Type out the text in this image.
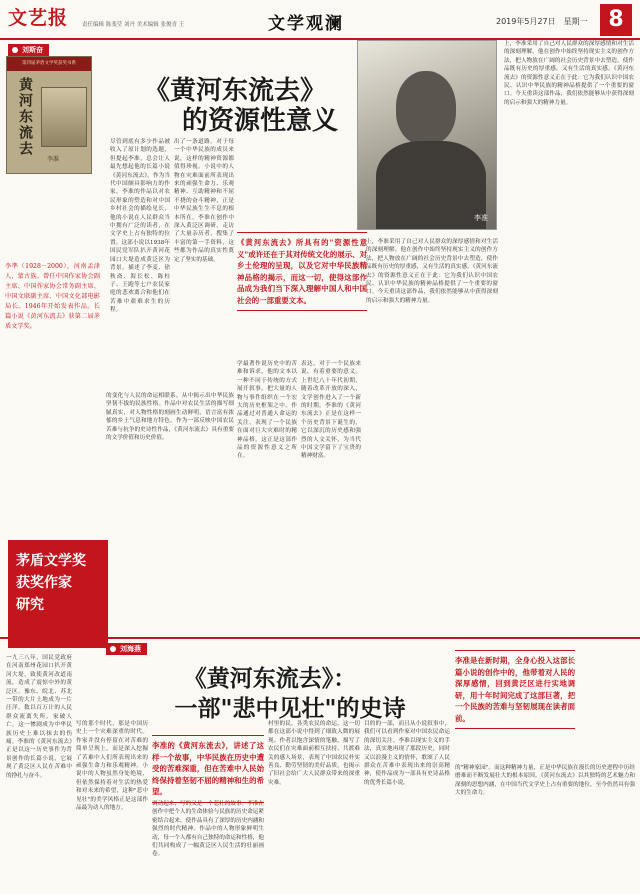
文艺报	责任编辑 陈斐莹 刘丹 美术编辑 张俊青 王	文学观澜	2019年5月27日　星期一 8
刘斯奋
第四届茅盾文学奖获奖书系
黄河东流去
李准
《黄河东流去》
的资源性意义
李準（1928－2000），河南孟津人，蒙古族。曾任中国作家协会副主席、中国作家协会常务副主席、中国文联副主席、中国文化部电影局长。1946年开始发表作品。长篇小说《黄河东流去》获第二届茅盾文学奖。
尽管到底有多少作品被收入了原计划的选题，但提起李准，总会让人最先想起他的长篇小说《黄河东流去》。作为当代中国颇具影响力的作家，李准的作品以对农民形象的塑造和对中国乡村社会的描绘见长，他的小说在人民群众当中拥有广泛的读者，在文学史上占有独特的位置。这部小说以1938年国民党军队扒开黄河花园口大堤造成黄泛区为背景，描述了李麦、徐秋斋、海长松、陈柱子、王跑等七户农民家庭的悲欢离合和他们在苦难中艰难求生的历程。
出了一条道路。对于每一个中华民族的成员来说，这样的精神资源都值得珍视。小说中的人物在灾难面前所表现出来的顽强生命力、乐观精神、互助精神和不屈不挠的奋斗精神，正是中华民族生生不息的根本所在。李准在创作中深入黄泛区调研，走访了大量亲历者，搜集了丰富的第一手资料，这些都为作品的真实性奠定了坚实的基础。
的变化与人民的命运相联系，从中揭示出中华民族坚韧不拔的民族性格。作品中对农民生活的描写细腻真实，对人物性格的刻画生动鲜明，语言富有浓郁的乡土气息和地方特色。作为一部反映中国农民苦难与抗争的史诗性作品，《黄河东流去》具有重要的文学价值和历史价值。
学最著作说历史中的苦难和诉求，他的文本以一种不同于传统的方式展开叙事，把大量的人物与事件组织在一个宏大的历史框架之中。作品通过对普通人命运的关注，表现了一个民族在面对巨大灾难时的精神品格。这正是这部作品的资源性意义之所在。
表达，对于一个民族来说，有着重要的意义。上世纪八十年代初期，随着改革开放的深入，文学创作进入了一个新的时期。李准的《黄河东流去》正是在这样一个历史背景下诞生的，它以深沉的历史感和强烈的人文关怀，为当代中国文学留下了宝贵的精神财富。
上，李准采用了自己对人民群众的深厚感情和对生活的深刻理解。他在创作中始终坚持现实主义的创作方法，把人物放在广阔的社会历史背景中去塑造，使作品既有历史的厚重感，又有生活的真实感。《黄河东流去》的资源性意义正在于此：它为我们认识中国农民、认识中华民族的精神品格提供了一个重要的窗口。今天重读这部作品，我们依然能够从中获得深刻的启示和强大的精神力量。
上，李准采用了自己对人民群众的深厚感情和对生活的深刻理解。他在创作中始终坚持现实主义的创作方法，把人物放在广阔的社会历史背景中去塑造，使作品既有历史的厚重感，又有生活的真实感。《黄河东流去》的资源性意义正在于此：它为我们认识中国农民、认识中华民族的精神品格提供了一个重要的窗口。今天重读这部作品，我们依然能够从中获得深刻的启示和强大的精神力量。
李准
《黄河东流去》所具有的"资源性意义"或许还在于其对传统文化的展示、对乡土伦理的呈现，以及它对中华民族精神品格的揭示，而这一切，使得这部作品成为我们当下深入理解中国人和中国社会的一部重要文本。
茅盾文学奖
获奖作家
研究
刘海燕
《黄河东流去》：
一部"悲中见壮"的史诗
一九三八年，国民党政府在河南郑州花园口扒开黄河大堤，致使黄河改道南流，造成了震惊中外的黄泛区。豫东、皖北、苏北一带的大片土地成为一片汪洋，数以百万计的人民群众流离失所，家破人亡。这一惨剧成为中华民族历史上难以抹去的伤痛。李准的《黄河东流去》正是以这一历史事件为背景创作的长篇小说，它展现了黄泛区人民在苦难中的挣扎与奋斗。
写的那个时代，那是中国历史上一个灾难深重的时代。作家并没有停留在对苦难的简单呈现上，而是深入挖掘了苦难中人们所表现出来的顽强生命力和乐观精神。小说中的人物虽然身处绝境，但依然保持着对生活的热爱和对未来的希望，这种"悲中见壮"的美学风格正是这部作品最为动人的地方。
调动起来，写的又是一个悲壮的故事。李准在创作中把个人的生命体验与民族的历史命运紧密结合起来，使作品具有了深厚的历史内涵和强烈的时代精神。作品中的人物形象鲜明生动，每一个人都有自己独特的命运和性格，他们共同构成了一幅黄泛区人民生活的壮丽画卷。
村里的民，各类农民的命运，这一切都在这部小说中得到了细致入微的展现。作者以饱含深情的笔触，描写了农民们在灾难面前相互扶持、共渡难关的感人场景，表现了中国农民朴实善良、勤劳坚韧的美好品质，也揭示了旧社会给广大人民群众带来的深重灾难。
目的的一部，而且从小说叙事中，我们可以看到作家对中国农民命运的深切关注。李准以现实主义的手法，真实地再现了那段历史，同时又以浪漫主义的情怀，歌颂了人民群众在苦难中表现出来的崇高精神，使作品成为一部具有史诗品格的优秀长篇小说。
的"精神家园"。而这种精神力量，正是中华民族在漫长的历史进程中历经磨难而不断发展壮大的根本原因。《黄河东流去》以其独特的艺术魅力和深刻的思想内涵，在中国当代文学史上占有重要的地位，至今仍然具有强大的生命力。
李准的《黄河东流去》，讲述了这样一个故事，中华民族在历史中遭受的苦难深重，但在苦难中人民始终保持着坚韧不屈的精神和生的希望。
李准是在新时期，全身心投入这部长篇小说的创作中的，他带着对人民的深厚感情，回到黄泛区进行实地调研，用十年时间完成了这部巨著，把一个民族的苦难与坚韧展现在读者面前。
